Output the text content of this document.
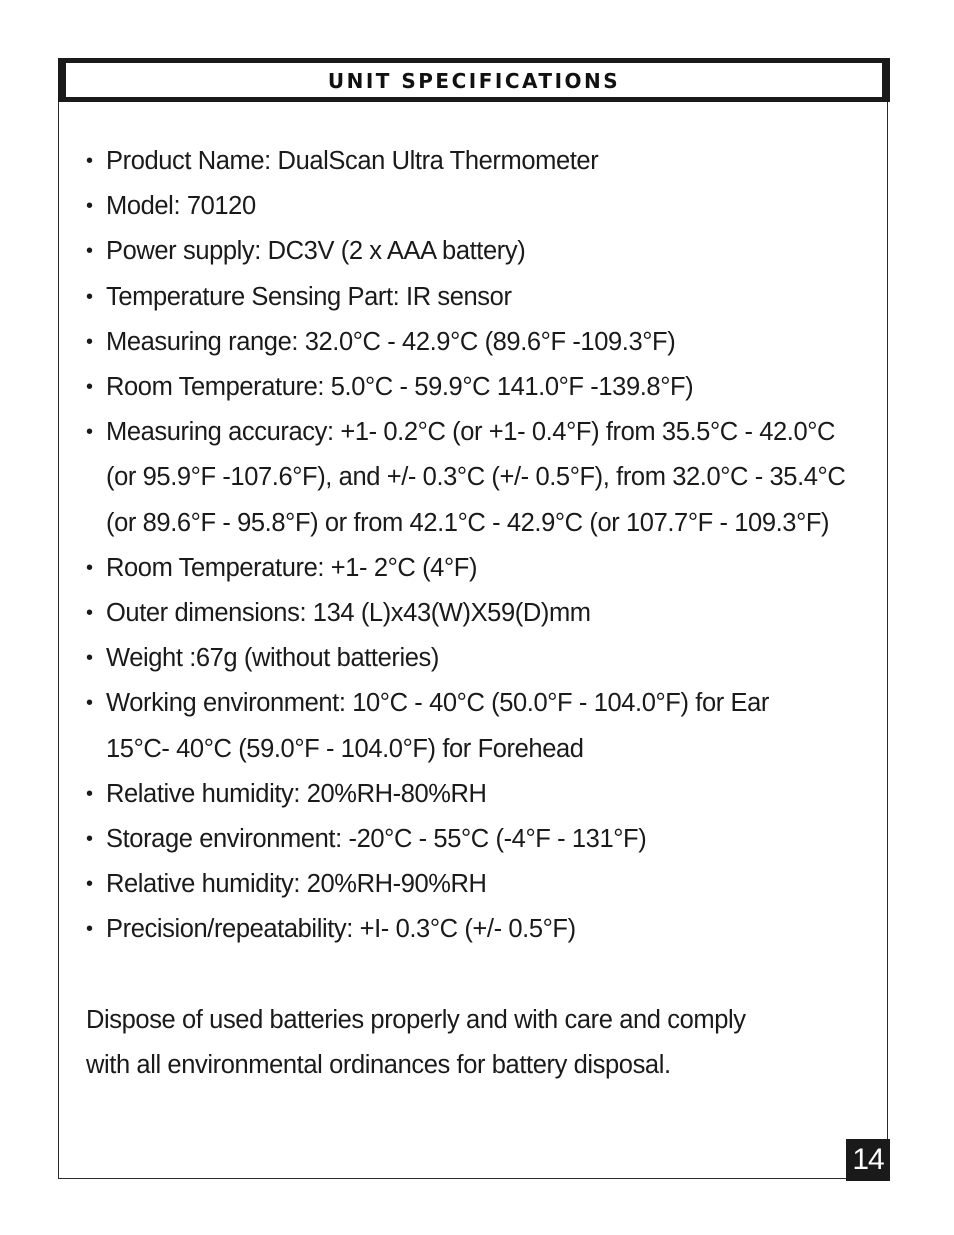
UNIT SPECIFICATIONS
• Product Name: DualScan Ultra Thermometer
• Model: 70120
• Power supply: DC3V (2 x AAA battery)
• Temperature Sensing Part: IR sensor
• Measuring range: 32.0°C - 42.9°C (89.6°F -109.3°F)
• Room Temperature: 5.0°C - 59.9°C 141.0°F -139.8°F)
• Measuring accuracy: +1- 0.2°C (or +1- 0.4°F) from 35.5°C - 42.0°C
(or 95.9°F -107.6°F), and +/- 0.3°C (+/- 0.5°F), from 32.0°C - 35.4°C
(or 89.6°F - 95.8°F) or from 42.1°C - 42.9°C (or 107.7°F - 109.3°F)
• Room Temperature: +1- 2°C (4°F)
• Outer dimensions: 134 (L)x43(W)X59(D)mm
• Weight :67g (without batteries)
• Working environment: 10°C - 40°C (50.0°F - 104.0°F) for Ear
15°C- 40°C (59.0°F - 104.0°F) for Forehead
• Relative humidity: 20%RH-80%RH
• Storage environment: -20°C - 55°C (-4°F - 131°F)
• Relative humidity: 20%RH-90%RH
• Precision/repeatability: +I- 0.3°C (+/- 0.5°F)

Dispose of used batteries properly and with care and comply
with all environmental ordinances for battery disposal.

14
